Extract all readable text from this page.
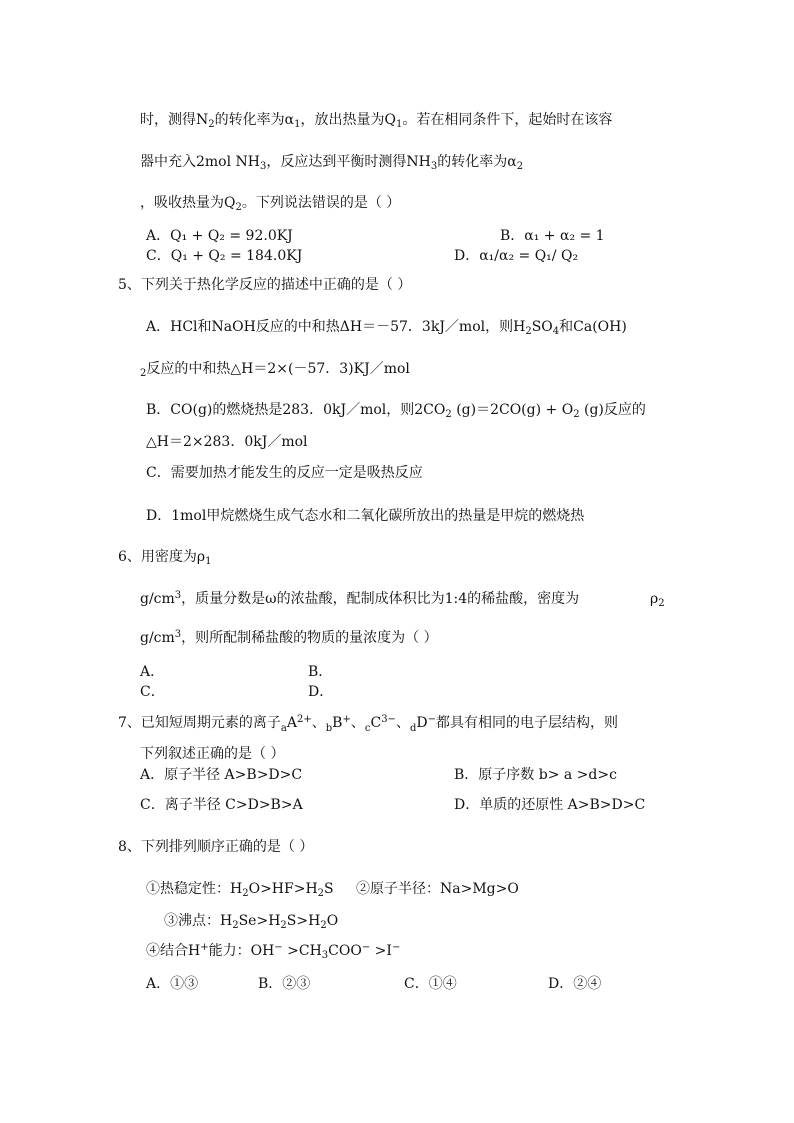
时，测得$N_2$的转化率为$\alpha_1$，放出热量为$Q_1$。若在相同条件下，起始时在该容
器中充入2mol $NH_3$，反应达到平衡时测得$NH_3$的转化率为$\alpha_2$
，吸收热量为$Q_2$。下列说法错误的是（ ）
A．Q₁ + Q₂ = 92.0KJ	B．α₁ + α₂ = 1
C．Q₁ + Q₂ = 184.0KJ	D．α₁/α₂ = Q₁/ Q₂
5、下列关于热化学反应的描述中正确的是（ ）
A．HCl和NaOH反应的中和热ΔH＝－57．3kJ／mol，则$H_2SO_4$和Ca(OH)
$_2$反应的中和热△H＝2×(－57．3)KJ／mol
B．CO(g)的燃烧热是283．0kJ／mol，则$2CO_2$ $(g)=2CO(g) + O_2$ (g)反应的
△H＝2×283．0kJ／mol
C．需要加热才能发生的反应一定是吸热反应
D．1mol甲烷燃烧生成气态水和二氧化碳所放出的热量是甲烷的燃烧热
6、用密度为$\rho_1$
$g/cm^3$，质量分数是ω的浓盐酸，配制成体积比为1:4的稀盐酸，密度为	$\rho_2$
$g/cm^3$，则所配制稀盐酸的物质的量浓度为（ ）
A．	B．
C．	D．
7、已知短周期元素的离子$_aA^{2+}$、$_b$B+、$_cC^{3-}$、$_d$D−都具有相同的电子层结构，则
下列叙述正确的是（ ）
A．原子半径 A>B>D>C	B．原子序数 b> a >d>c
C．离子半径 C>D>B>A	D．单质的还原性 A>B>D>C
8、下列排列顺序正确的是（ ）
①热稳定性：$H_2O>HF>H_2S$ ②原子半径：Na>Mg>O
③沸点：$H_2Se>H_2S>H_2O$
④结合H+能力：$OH^- >CH_3COO^- >I^-$
A．①③	B．②③	C．①④	D．②④
